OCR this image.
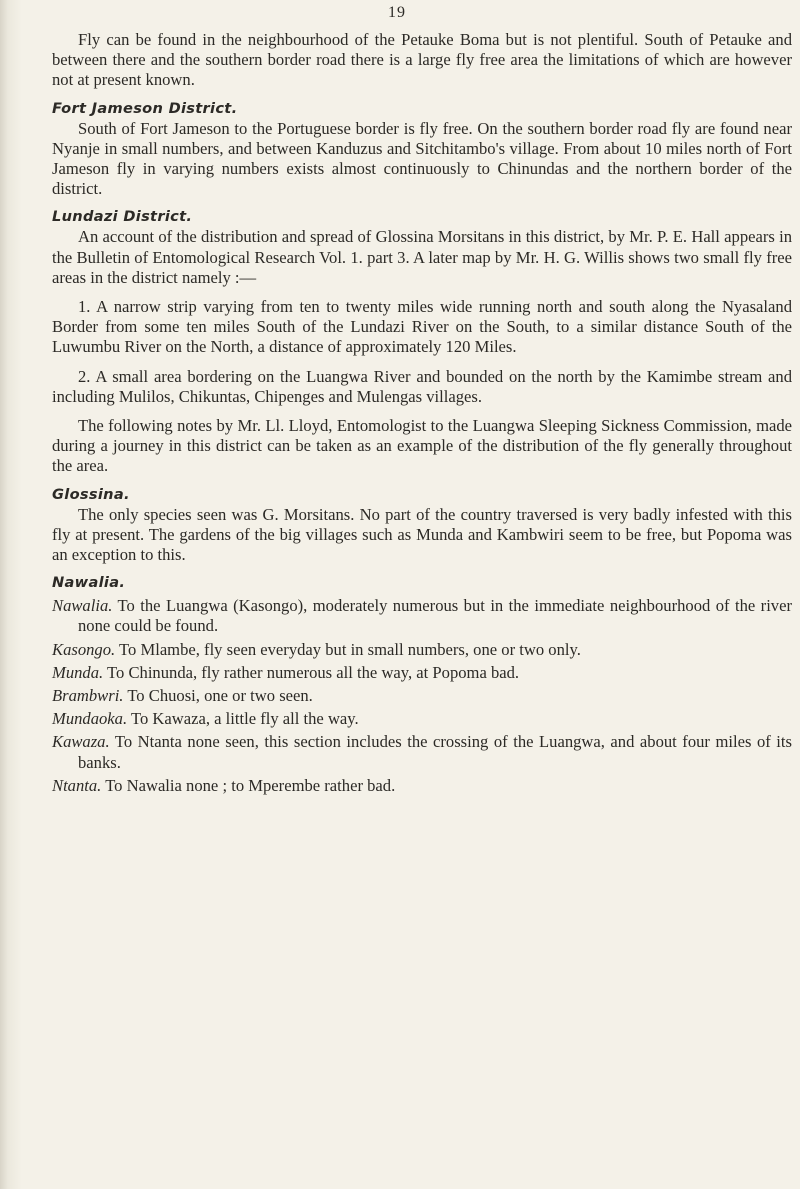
19

Fly can be found in the neighbourhood of the Petauke Boma but is not plentiful. South of Petauke and between there and the southern border road there is a large fly free area the limitations of which are however not at present known.

Fort Jameson District.

South of Fort Jameson to the Portuguese border is fly free. On the southern border road fly are found near Nyanje in small numbers, and between Kanduzus and Sitchitambo's village. From about 10 miles north of Fort Jameson fly in varying numbers exists almost continuously to Chinundas and the northern border of the district.

Lundazi District.

An account of the distribution and spread of Glossina Morsitans in this district, by Mr. P. E. Hall appears in the Bulletin of Entomological Research Vol. 1. part 3. A later map by Mr. H. G. Willis shows two small fly free areas in the district namely :—

1. A narrow strip varying from ten to twenty miles wide running north and south along the Nyasaland Border from some ten miles South of the Lundazi River on the South, to a similar distance South of the Luwumbu River on the North, a distance of approximately 120 Miles.

2. A small area bordering on the Luangwa River and bounded on the north by the Kamimbe stream and including Mulilos, Chikuntas, Chipenges and Mulengas villages.

The following notes by Mr. Ll. Lloyd, Entomologist to the Luangwa Sleeping Sickness Commission, made during a journey in this district can be taken as an example of the distribution of the fly generally throughout the area.

Glossina.

The only species seen was G. Morsitans. No part of the country traversed is very badly infested with this fly at present. The gardens of the big villages such as Munda and Kambwiri seem to be free, but Popoma was an exception to this.

Nawalia.

Nawalia. To the Luangwa (Kasongo), moderately numerous but in the immediate neighbourhood of the river none could be found.

Kasongo. To Mlambe, fly seen everyday but in small numbers, one or two only.

Munda. To Chinunda, fly rather numerous all the way, at Popoma bad.

Brambwri. To Chuosi, one or two seen.

Mundaoka. To Kawaza, a little fly all the way.

Kawaza. To Ntanta none seen, this section includes the crossing of the Luangwa, and about four miles of its banks.

Ntanta. To Nawalia none ; to Mperembe rather bad.
